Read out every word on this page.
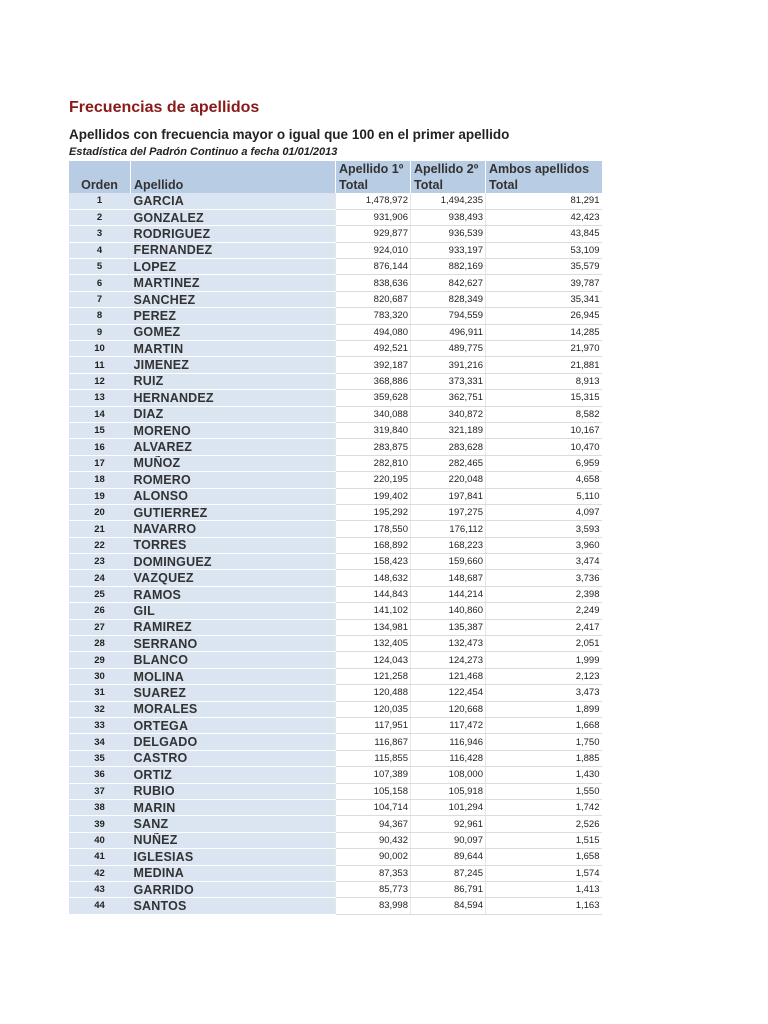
Frecuencias de apellidos
Apellidos con frecuencia mayor o igual que 100 en el primer apellido
Estadística del Padrón Continuo a fecha 01/01/2013
		Apellido 1º	Apellido 2º	Ambos apellidos
Orden	Apellido	Total	Total	Total
1	GARCIA	1,478,972	1,494,235	81,291
2	GONZALEZ	931,906	938,493	42,423
3	RODRIGUEZ	929,877	936,539	43,845
4	FERNANDEZ	924,010	933,197	53,109
5	LOPEZ	876,144	882,169	35,579
6	MARTINEZ	838,636	842,627	39,787
7	SANCHEZ	820,687	828,349	35,341
8	PEREZ	783,320	794,559	26,945
9	GOMEZ	494,080	496,911	14,285
10	MARTIN	492,521	489,775	21,970
11	JIMENEZ	392,187	391,216	21,881
12	RUIZ	368,886	373,331	8,913
13	HERNANDEZ	359,628	362,751	15,315
14	DIAZ	340,088	340,872	8,582
15	MORENO	319,840	321,189	10,167
16	ALVAREZ	283,875	283,628	10,470
17	MUÑOZ	282,810	282,465	6,959
18	ROMERO	220,195	220,048	4,658
19	ALONSO	199,402	197,841	5,110
20	GUTIERREZ	195,292	197,275	4,097
21	NAVARRO	178,550	176,112	3,593
22	TORRES	168,892	168,223	3,960
23	DOMINGUEZ	158,423	159,660	3,474
24	VAZQUEZ	148,632	148,687	3,736
25	RAMOS	144,843	144,214	2,398
26	GIL	141,102	140,860	2,249
27	RAMIREZ	134,981	135,387	2,417
28	SERRANO	132,405	132,473	2,051
29	BLANCO	124,043	124,273	1,999
30	MOLINA	121,258	121,468	2,123
31	SUAREZ	120,488	122,454	3,473
32	MORALES	120,035	120,668	1,899
33	ORTEGA	117,951	117,472	1,668
34	DELGADO	116,867	116,946	1,750
35	CASTRO	115,855	116,428	1,885
36	ORTIZ	107,389	108,000	1,430
37	RUBIO	105,158	105,918	1,550
38	MARIN	104,714	101,294	1,742
39	SANZ	94,367	92,961	2,526
40	NUÑEZ	90,432	90,097	1,515
41	IGLESIAS	90,002	89,644	1,658
42	MEDINA	87,353	87,245	1,574
43	GARRIDO	85,773	86,791	1,413
44	SANTOS	83,998	84,594	1,163
